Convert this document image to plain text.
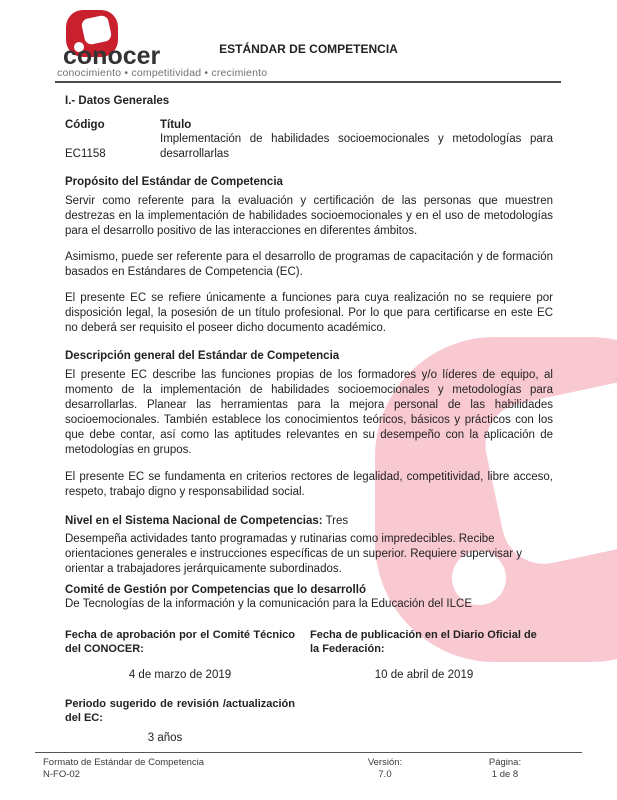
conocer
conocimiento • competitividad • crecimiento
ESTÁNDAR DE COMPETENCIA
I.- Datos Generales
Código
EC1158
Título
Implementación de habilidades socioemocionales y metodologías para desarrollarlas
Propósito del Estándar de Competencia

Servir como referente para la evaluación y certificación de las personas que muestren destrezas en la implementación de habilidades socioemocionales y en el uso de metodologías para el desarrollo positivo de las interacciones en diferentes ámbitos.

Asimismo, puede ser referente para el desarrollo de programas de capacitación y de formación basados en Estándares de Competencia (EC).

El presente EC se refiere únicamente a funciones para cuya realización no se requiere por disposición legal, la posesión de un título profesional. Por lo que para certificarse en este EC no deberá ser requisito el poseer dicho documento académico.

Descripción general del Estándar de Competencia

El presente EC describe las funciones propias de los formadores y/o líderes de equipo, al momento de la implementación de habilidades socioemocionales y metodologías para desarrollarlas. Planear las herramientas para la mejora personal de las habilidades socioemocionales. También establece los conocimientos teóricos, básicos y prácticos con los que debe contar, así como las aptitudes relevantes en su desempeño con la aplicación de metodologías en grupos.

El presente EC se fundamenta en criterios rectores de legalidad, competitividad, libre acceso, respeto, trabajo digno y responsabilidad social.

Nivel en el Sistema Nacional de Competencias: Tres

Desempeña actividades tanto programadas y rutinarias como impredecibles. Recibe orientaciones generales e instrucciones específicas de un superior. Requiere supervisar y orientar a trabajadores jerárquicamente subordinados.

Comité de Gestión por Competencias que lo desarrolló
De Tecnologías de la información y la comunicación para la Educación del ILCE
Fecha de aprobación por el Comité Técnico del CONOCER:
4 de marzo de 2019
Fecha de publicación en el Diario Oficial de la Federación:
10 de abril de 2019
Periodo sugerido de revisión /actualización del EC:
3 años
Formato de Estándar de Competencia
N-FO-02
Versión:
7.0
Página:
1 de 8
